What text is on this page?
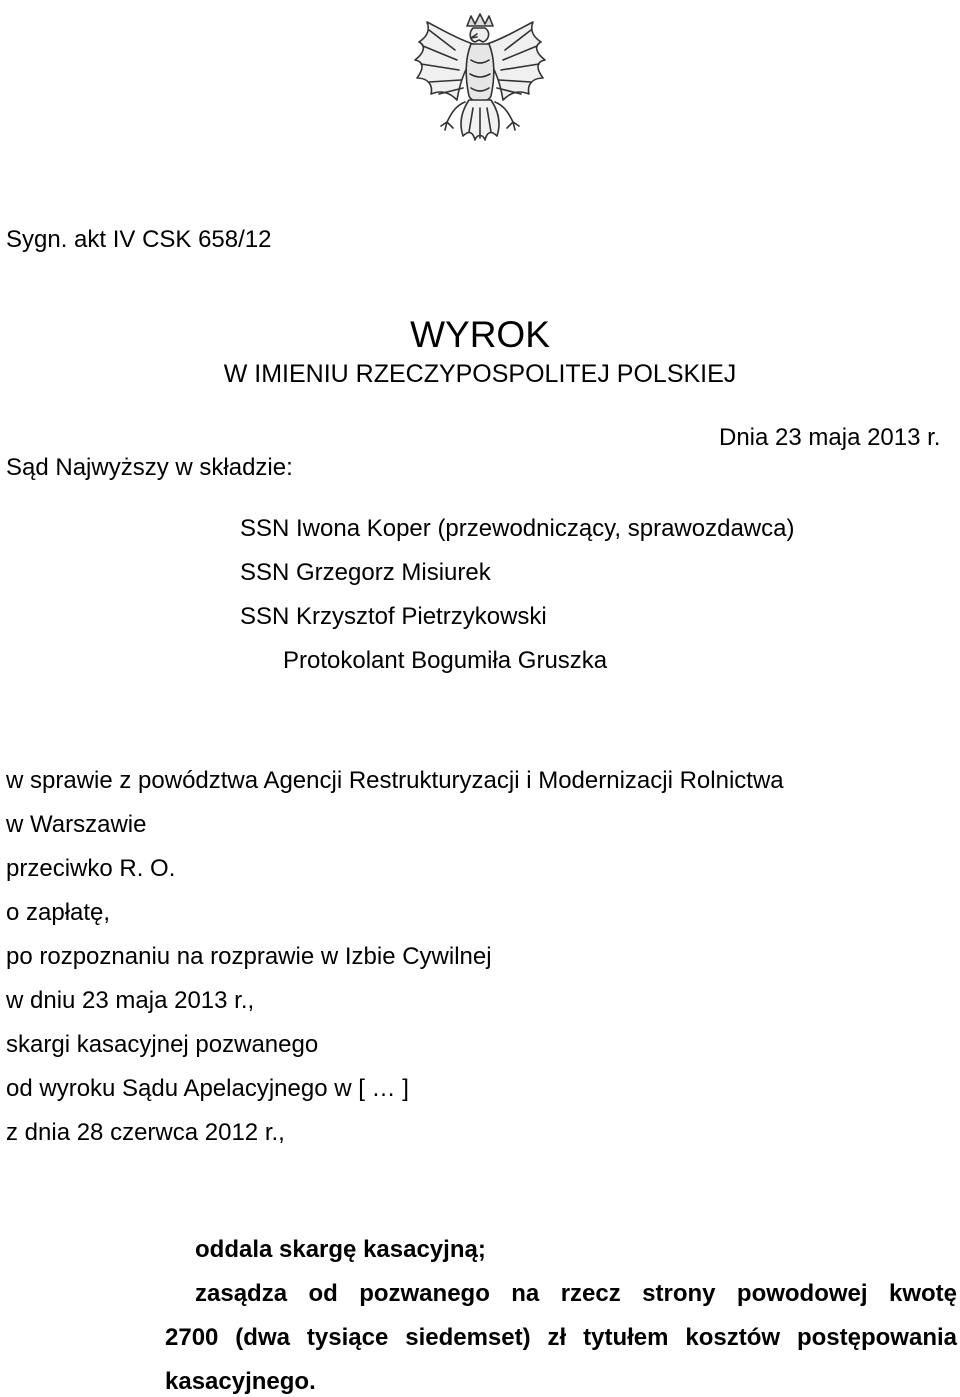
Sygn. akt IV CSK 658/12
WYROK
W IMIENIU RZECZYPOSPOLITEJ POLSKIEJ
Dnia 23 maja 2013 r.
Sąd Najwyższy w składzie:
SSN Iwona Koper (przewodniczący, sprawozdawca)
SSN Grzegorz Misiurek
SSN Krzysztof Pietrzykowski
Protokolant Bogumiła Gruszka
w sprawie z powództwa Agencji Restrukturyzacji i Modernizacji Rolnictwa
w Warszawie
przeciwko R. O.
o zapłatę,
po rozpoznaniu na rozprawie w Izbie Cywilnej
w dniu 23 maja 2013 r.,
skargi kasacyjnej pozwanego
od wyroku Sądu Apelacyjnego w [ … ]
z dnia 28 czerwca 2012 r.,
oddala skargę kasacyjną;
zasądza od pozwanego na rzecz strony powodowej kwotę
2700 (dwa tysiące siedemset) zł tytułem kosztów postępowania
kasacyjnego.
